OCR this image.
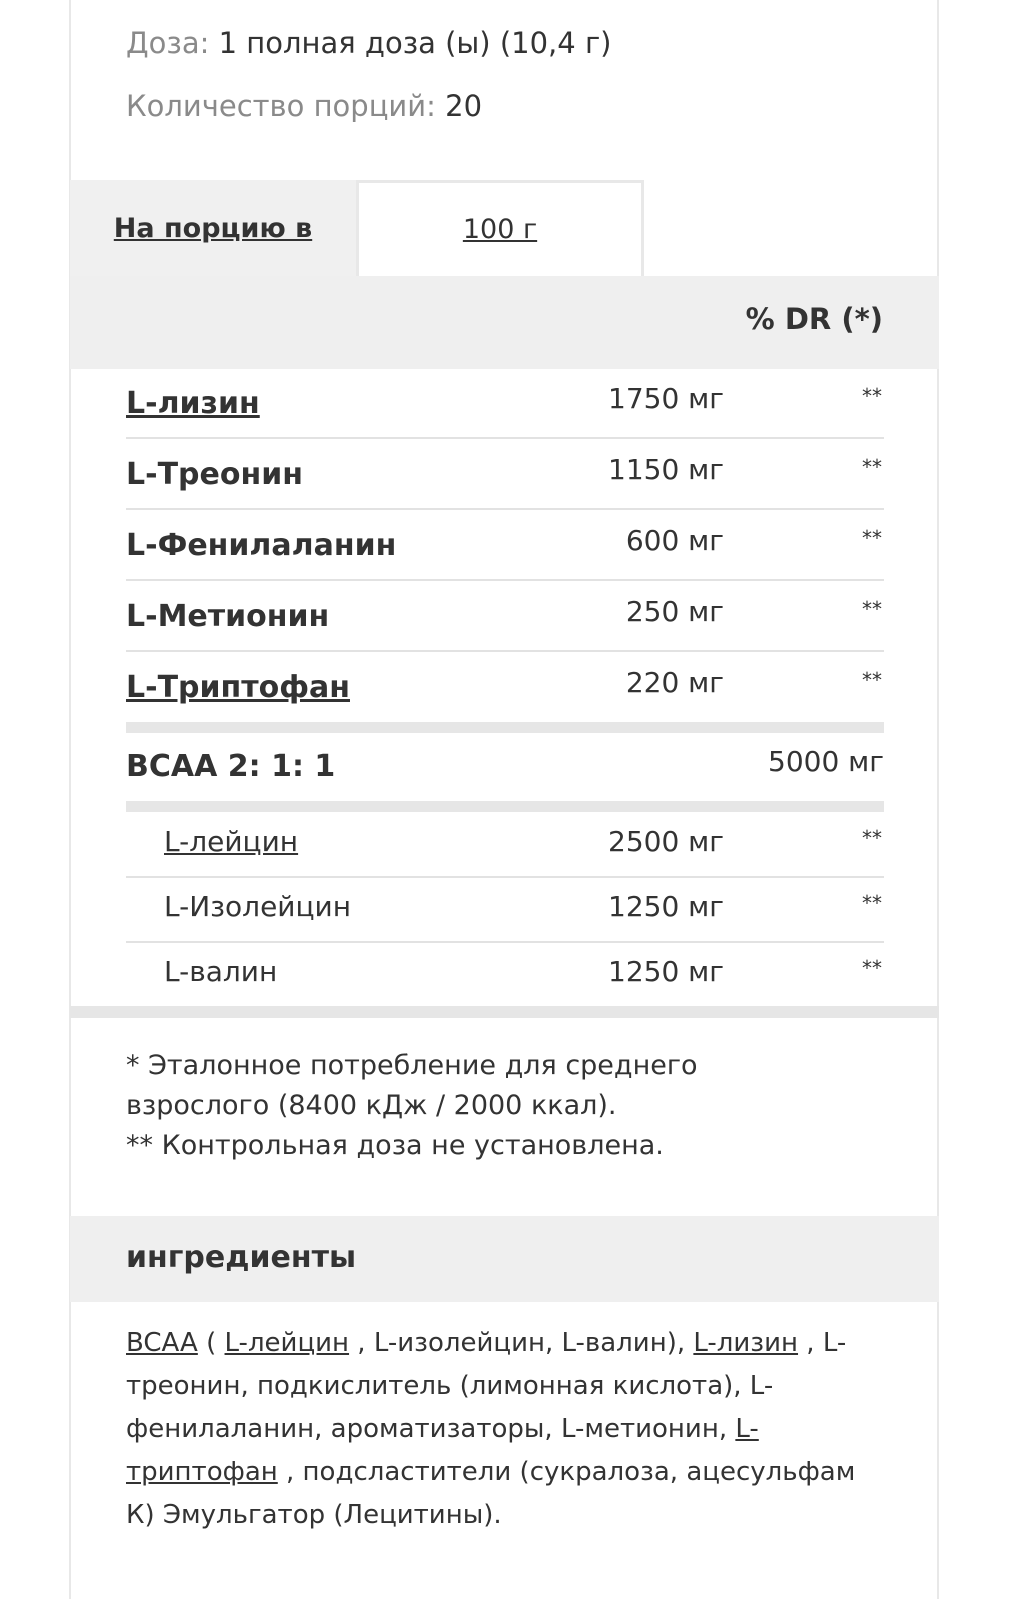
Доза: 1 полная доза (ы) (10,4 г)
Количество порций: 20
На порцию в	100 г
% DR (*)
L-лизин	1750 мг	**
L-Треонин	1150 мг	**
L-Фенилаланин	600 мг	**
L-Метионин	250 мг	**
L-Триптофан	220 мг	**
BCAA 2: 1: 1	5000 мг
L-лейцин	2500 мг	**
L-Изолейцин	1250 мг	**
L-валин	1250 мг	**
* Эталонное потребление для среднего взрослого (8400 кДж / 2000 ккал).
** Контрольная доза не установлена.
ингредиенты
BCAA ( L-лейцин , L-изолейцин, L-валин), L-лизин , L-треонин, подкислитель (лимонная кислота), L-фенилаланин, ароматизаторы, L-метионин, L-триптофан , подсластители (сукралоза, ацесульфам К) Эмульгатор (Лецитины).
